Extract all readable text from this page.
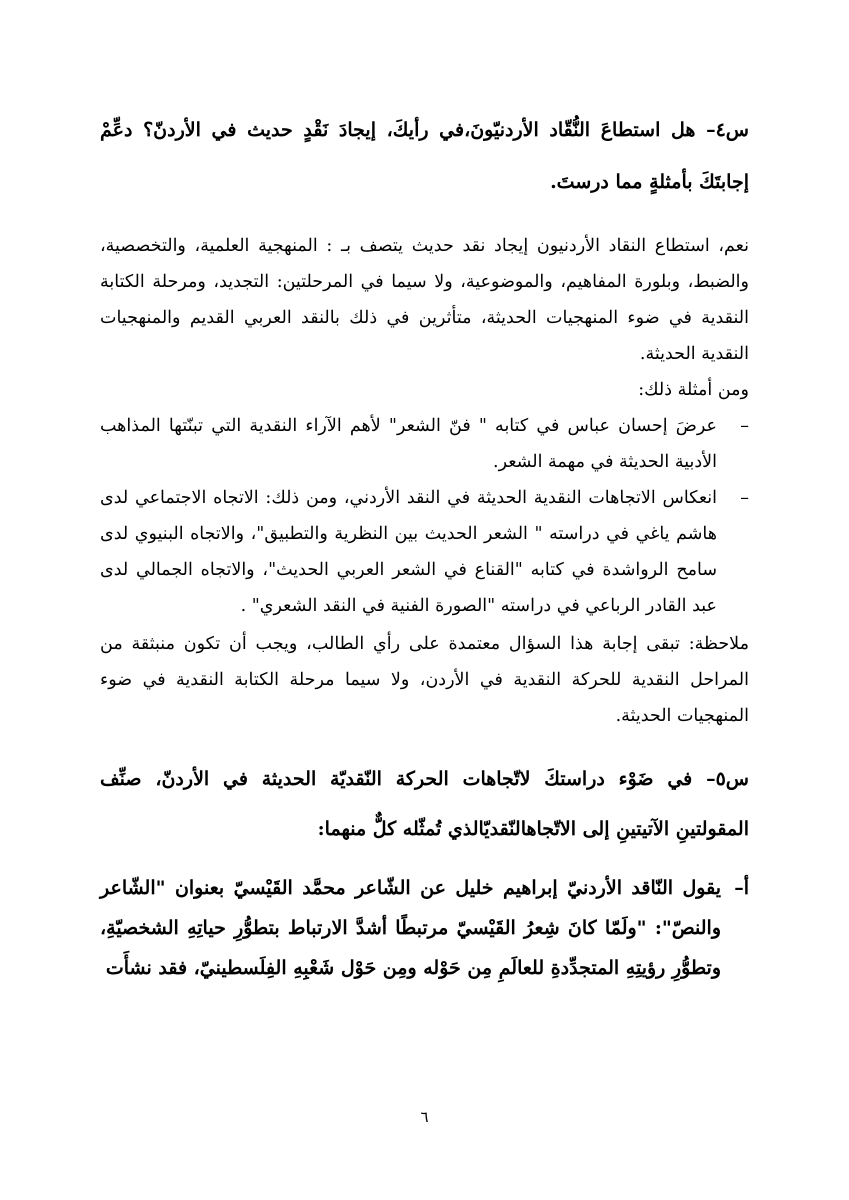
س٤– هل استطاعَ النُّقّاد الأردنيّونَ،في رأيكَ، إيجادَ نَقْدٍ حديث في الأردنّ؟ دعِّمْ إجابتَكَ بأمثلةٍ مما درستَ.

نعم، استطاع النقاد الأردنيون إيجاد نقد حديث يتصف بـ : المنهجية العلمية، والتخصصية، والضبط، وبلورة المفاهيم، والموضوعية، ولا سيما في المرحلتين: التجديد، ومرحلة الكتابة النقدية في ضوء المنهجيات الحديثة، متأثرين في ذلك بالنقد العربي القديم والمنهجيات النقدية الحديثة.

ومن أمثلة ذلك:

–
عرضَ إحسان عباس في كتابه " فنّ الشعر" لأهم الآراء النقدية التي تبنّتها المذاهب الأدبية الحديثة في مهمة الشعر.
–
انعكاس الاتجاهات النقدية الحديثة في النقد الأردني، ومن ذلك: الاتجاه الاجتماعي لدى هاشم ياغي في دراسته " الشعر الحديث بين النظرية والتطبيق"، والاتجاه البنيوي لدى سامح الرواشدة في كتابه "القناع في الشعر العربي الحديث"، والاتجاه الجمالي لدى عبد القادر الرباعي في دراسته "الصورة الفنية في النقد الشعري" .

ملاحظة: تبقى إجابة هذا السؤال معتمدة على رأي الطالب، ويجب أن تكون منبثقة من المراحل النقدية للحركة النقدية في الأردن، ولا سيما مرحلة الكتابة النقدية في ضوء المنهجيات الحديثة.

س٥– في ضَوْء دراستكَ لاتّجاهات الحركة النّقديّة الحديثة في الأردنّ، صنِّف المقولتينِ الآتيتينِ إلى الاتّجاهالنّقديّالذي تُمثّله كلٌّ منهما:

أ–
يقول النّاقد الأردنيّ إبراهيم خليل عن الشّاعر محمَّد القَيْسيّ بعنوان "الشّاعر والنصّ": "ولَمّا كانَ شِعرُ القَيْسيّ مرتبطًا أشدَّ الارتباط بتطوُّرِ حياتِهِ الشخصيّةِ، وتطوُّرِ رؤيتِهِ المتجدِّدةِ للعالَمِ مِن حَوْله ومِن حَوْل شَعْبِهِ الفِلَسطينيّ، فقد نشأَت

٦
